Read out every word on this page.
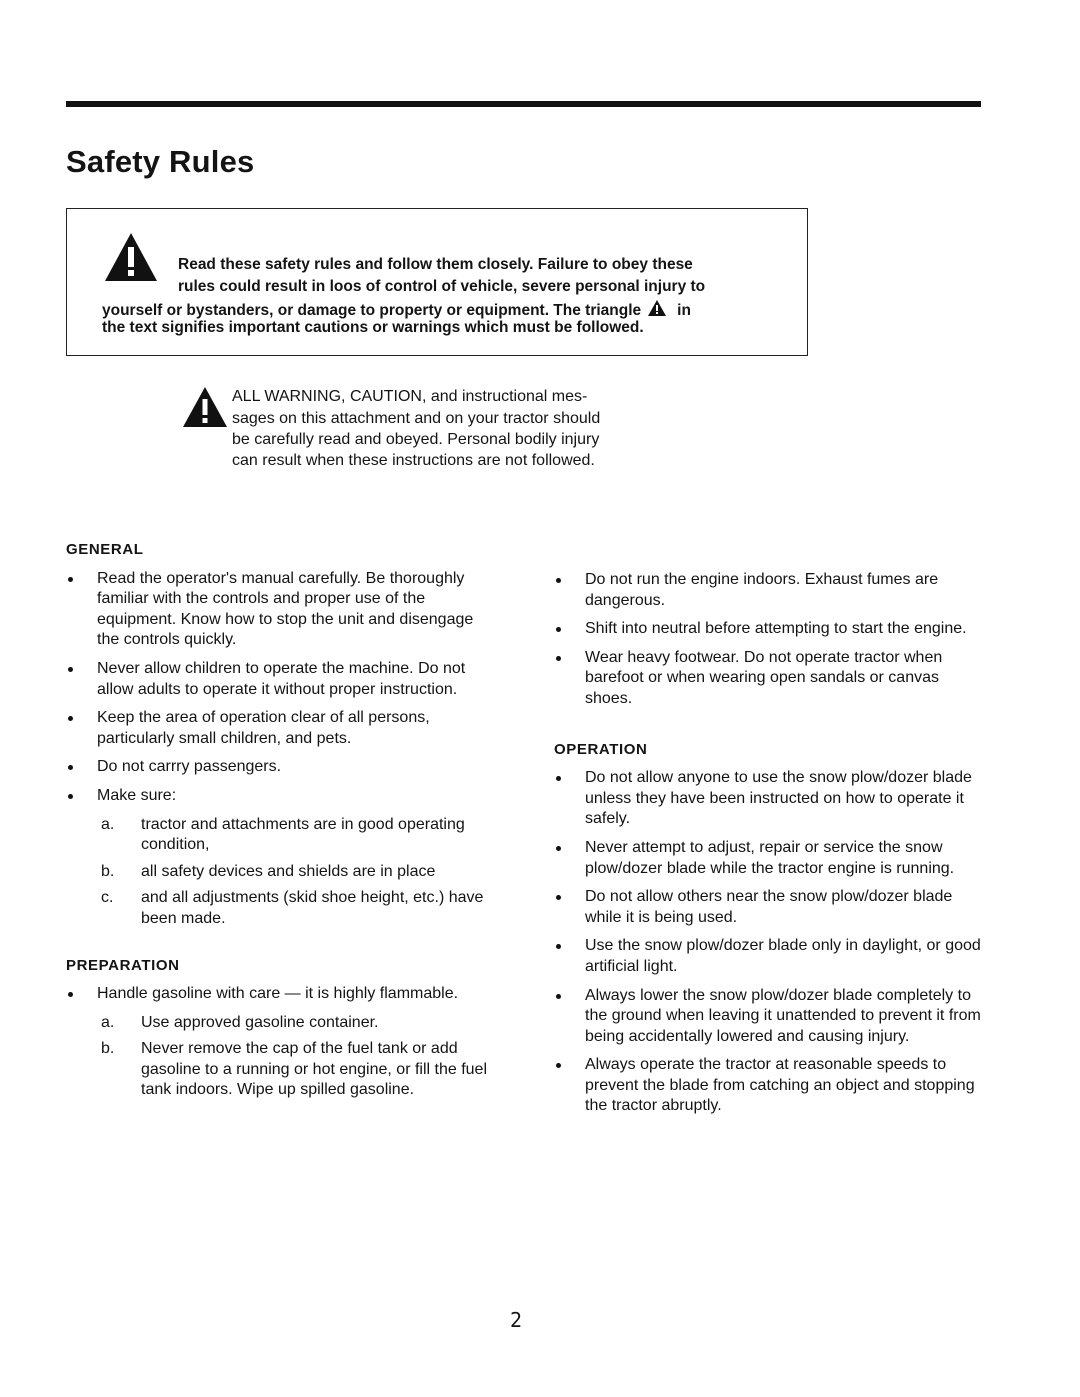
Safety Rules
Read these safety rules and follow them closely. Failure to obey these
rules could result in loos of control of vehicle, severe personal injury to
yourself or bystanders, or damage to property or equipment. The triangle in
the text signifies important cautions or warnings which must be followed.
ALL WARNING, CAUTION, and instructional mes-
sages on this attachment and on your tractor should
be carefully read and obeyed. Personal bodily injury
can result when these instructions are not followed.
GENERAL
Read the operator's manual carefully. Be thoroughly familiar with the controls and proper use of the equipment. Know how to stop the unit and disengage the controls quickly.
Never allow children to operate the machine. Do not allow adults to operate it without proper instruction.
Keep the area of operation clear of all persons, particularly small children, and pets.
Do not carrry passengers.
Make sure:
a. tractor and attachments are in good operating condition,
b. all safety devices and shields are in place
c. and all adjustments (skid shoe height, etc.) have been made.
PREPARATION
Handle gasoline with care — it is highly flammable.
a. Use approved gasoline container.
b. Never remove the cap of the fuel tank or add gasoline to a running or hot engine, or fill the fuel tank indoors. Wipe up spilled gasoline.
Do not run the engine indoors. Exhaust fumes are dangerous.
Shift into neutral before attempting to start the engine.
Wear heavy footwear. Do not operate tractor when barefoot or when wearing open sandals or canvas shoes.
OPERATION
Do not allow anyone to use the snow plow/dozer blade unless they have been instructed on how to operate it safely.
Never attempt to adjust, repair or service the snow plow/dozer blade while the tractor engine is running.
Do not allow others near the snow plow/dozer blade while it is being used.
Use the snow plow/dozer blade only in daylight, or good artificial light.
Always lower the snow plow/dozer blade completely to the ground when leaving it unattended to prevent it from being accidentally lowered and causing injury.
Always operate the tractor at reasonable speeds to prevent the blade from catching an object and stopping the tractor abruptly.
2
